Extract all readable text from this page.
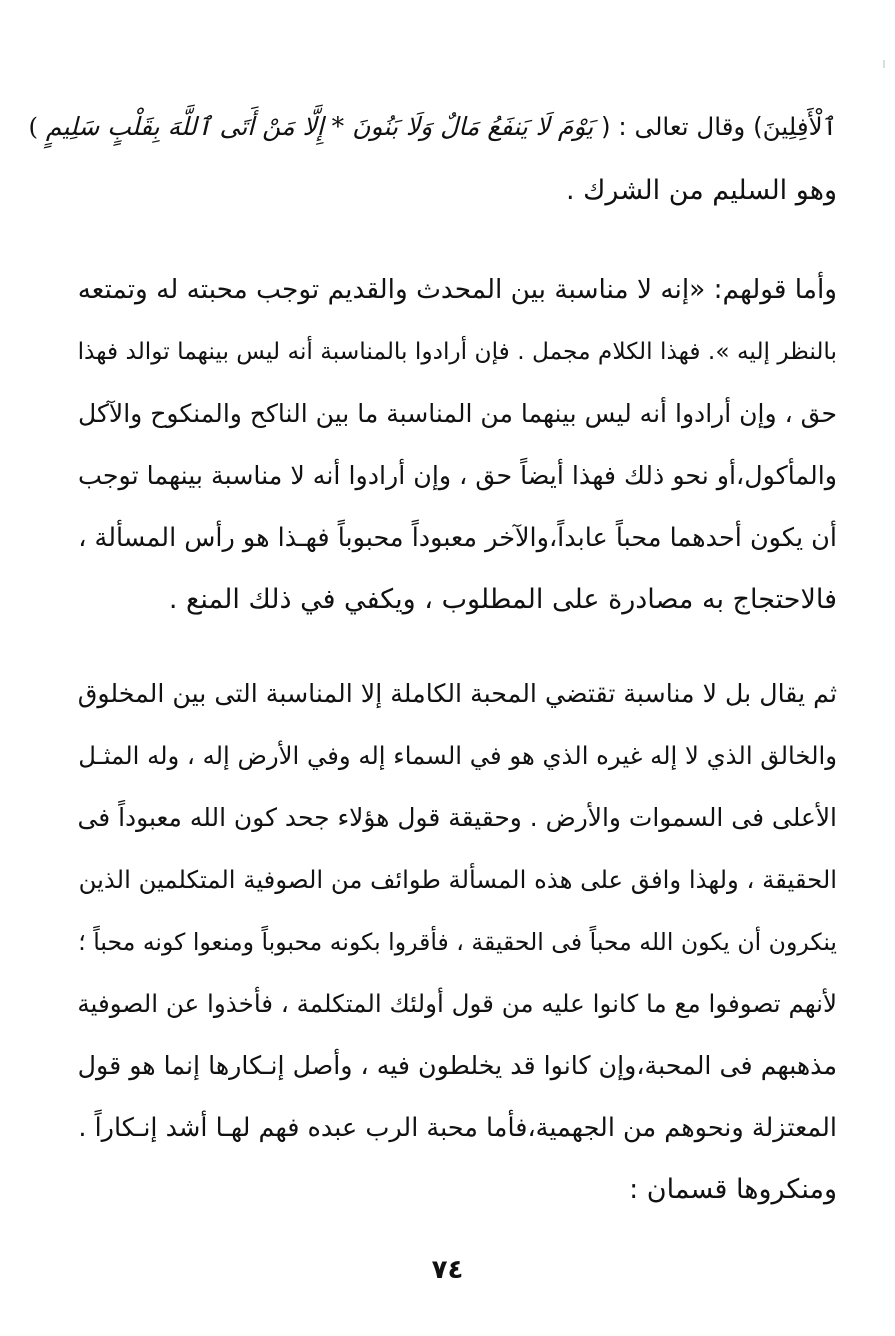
ٱلْأَفِلِينَ) وقال تعالى : ( يَوْمَ لَا يَنفَعُ مَالٌ وَلَا بَنُونَ * إِلَّا مَنْ أَتَى ٱللَّهَ بِقَلْبٍ سَلِيمٍ )
وهو السليم من الشرك .
وأما قولهم: «إنه لا مناسبة بين المحدث والقديم توجب محبته له وتمتعه
بالنظر إليه ». فهذا الكلام مجمل . فإن أرادوا بالمناسبة أنه ليس بينهما توالد فهذا
حق ، وإن أرادوا أنه ليس بينهما من المناسبة ما بين الناكح والمنكوح والآكل
والمأكول،أو نحو ذلك فهذا أيضاً حق ، وإن أرادوا أنه لا مناسبة بينهما توجب
أن يكون أحدهما محباً عابداً،والآخر معبوداً محبوباً فهـذا هو رأس المسألة ،
فالاحتجاج به مصادرة على المطلوب ، ويكفي في ذلك المنع .
ثم يقال بل لا مناسبة تقتضي المحبة الكاملة إلا المناسبة التى بين المخلوق
والخالق الذي لا إله غيره الذي هو في السماء إله وفي الأرض إله ، وله المثـل
الأعلى فى السموات والأرض . وحقيقة قول هؤلاء جحد كون الله معبوداً فى
الحقيقة ، ولهذا وافق على هذه المسألة طوائف من الصوفية المتكلمين الذين
ينكرون أن يكون الله محباً فى الحقيقة ، فأقروا بكونه محبوباً ومنعوا كونه محباً ؛
لأنهم تصوفوا مع ما كانوا عليه من قول أولئك المتكلمة ، فأخذوا عن الصوفية
مذهبهم فى المحبة،وإن كانوا قد يخلطون فيه ، وأصل إنـكارها إنما هو قول
المعتزلة ونحوهم من الجهمية،فأما محبة الرب عبده فهم لهـا أشد إنـكاراً .
ومنكروها قسمان :
٧٤
